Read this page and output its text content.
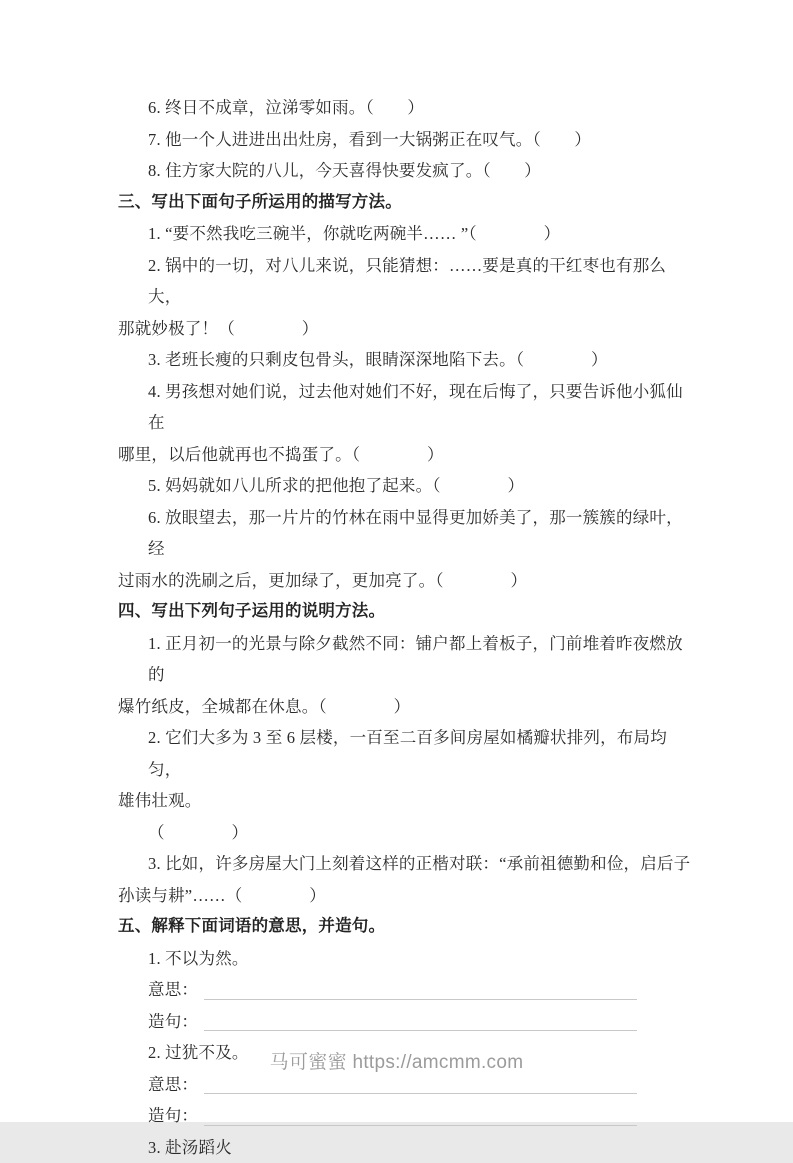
6. 终日不成章，泣涕零如雨。（　　）
7. 他一个人进进出出灶房，看到一大锅粥正在叹气。（　　）
8. 住方家大院的八儿，今天喜得快要发疯了。（　　）
三、写出下面句子所运用的描写方法。
1. “要不然我吃三碗半，你就吃两碗半…… ”（　　　　）
2. 锅中的一切，对八儿来说，只能猜想：……要是真的干红枣也有那么大，
那就妙极了！（　　　　）
3. 老班长瘦的只剩皮包骨头，眼睛深深地陷下去。（　　　　）
4. 男孩想对她们说，过去他对她们不好，现在后悔了，只要告诉他小狐仙在
哪里，以后他就再也不捣蛋了。（　　　　）
5. 妈妈就如八儿所求的把他抱了起来。（　　　　）
6. 放眼望去，那一片片的竹林在雨中显得更加娇美了，那一簇簇的绿叶，经
过雨水的洗刷之后，更加绿了，更加亮了。（　　　　）
四、写出下列句子运用的说明方法。
1. 正月初一的光景与除夕截然不同：铺户都上着板子，门前堆着昨夜燃放的
爆竹纸皮，全城都在休息。（　　　　）
2. 它们大多为 3 至 6 层楼，一百至二百多间房屋如橘瓣状排列，布局均匀，
雄伟壮观。
（　　　　）
3. 比如，许多房屋大门上刻着这样的正楷对联：“承前祖德勤和俭，启后子
孙读与耕”……（　　　　）
五、解释下面词语的意思，并造句。
1. 不以为然。
意思：
造句：
2. 过犹不及。
意思：
造句：
3. 赴汤蹈火
马可蜜蜜 https://amcmm.com
